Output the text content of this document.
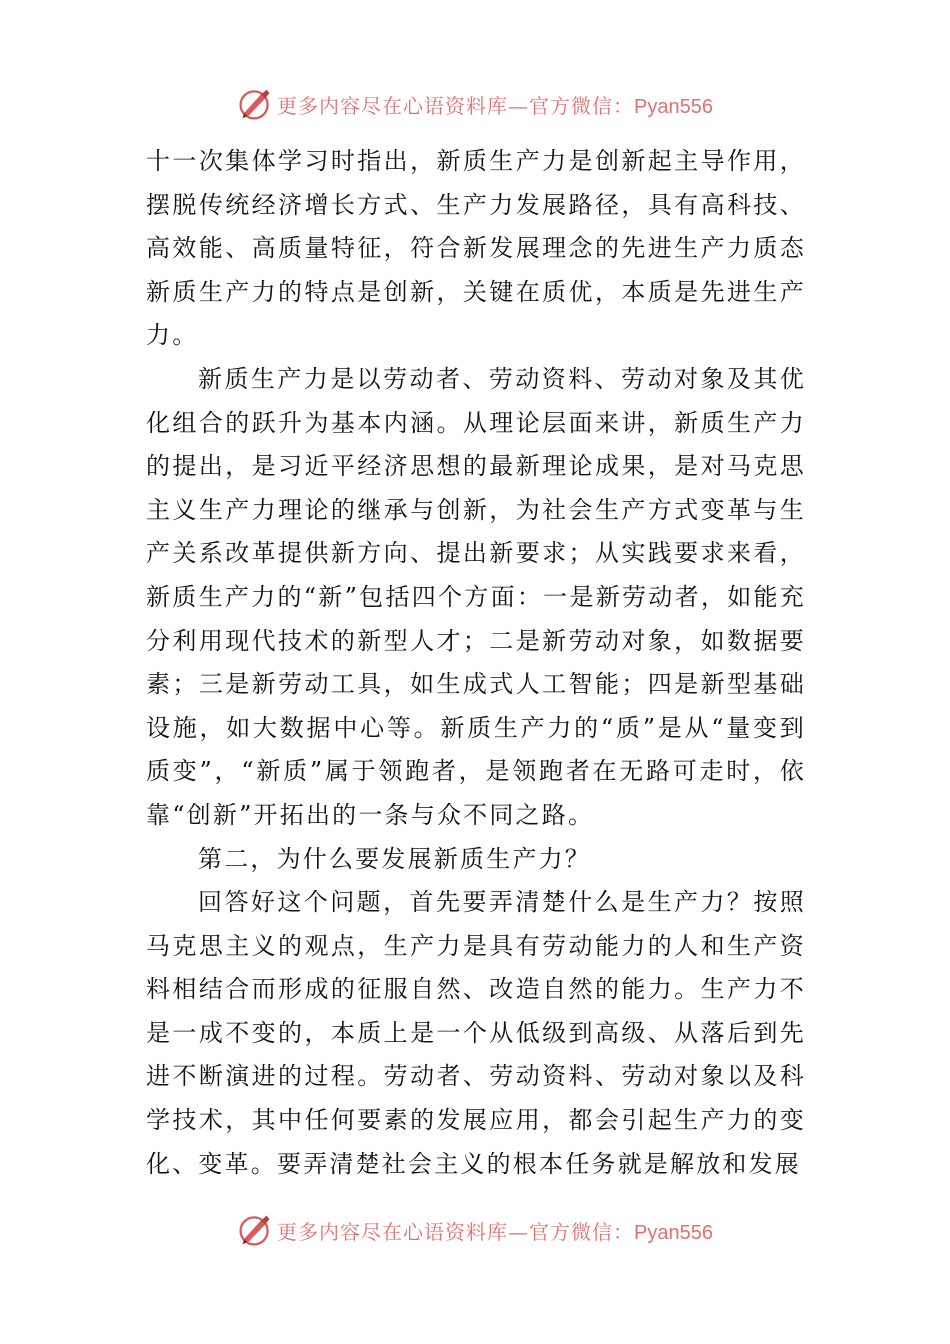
更多内容尽在心语资料库—官方微信：Pyan556

十一次集体学习时指出，新质生产力是创新起主导作用，摆脱传统经济增长方式、生产力发展路径，具有高科技、高效能、高质量特征，符合新发展理念的先进生产力质态新质生产力的特点是创新，关键在质优，本质是先进生产力。

新质生产力是以劳动者、劳动资料、劳动对象及其优化组合的跃升为基本内涵。从理论层面来讲，新质生产力的提出，是习近平经济思想的最新理论成果，是对马克思主义生产力理论的继承与创新，为社会生产方式变革与生产关系改革提供新方向、提出新要求；从实践要求来看，新质生产力的“新”包括四个方面：一是新劳动者，如能充分利用现代技术的新型人才；二是新劳动对象，如数据要素；三是新劳动工具，如生成式人工智能；四是新型基础设施，如大数据中心等。新质生产力的“质”是从“量变到质变”，“新质”属于领跑者，是领跑者在无路可走时，依靠“创新”开拓出的一条与众不同之路。

第二，为什么要发展新质生产力？

回答好这个问题，首先要弄清楚什么是生产力？按照马克思主义的观点，生产力是具有劳动能力的人和生产资料相结合而形成的征服自然、改造自然的能力。生产力不是一成不变的，本质上是一个从低级到高级、从落后到先进不断演进的过程。劳动者、劳动资料、劳动对象以及科学技术，其中任何要素的发展应用，都会引起生产力的变化、变革。要弄清楚社会主义的根本任务就是解放和发展

更多内容尽在心语资料库—官方微信：Pyan556
